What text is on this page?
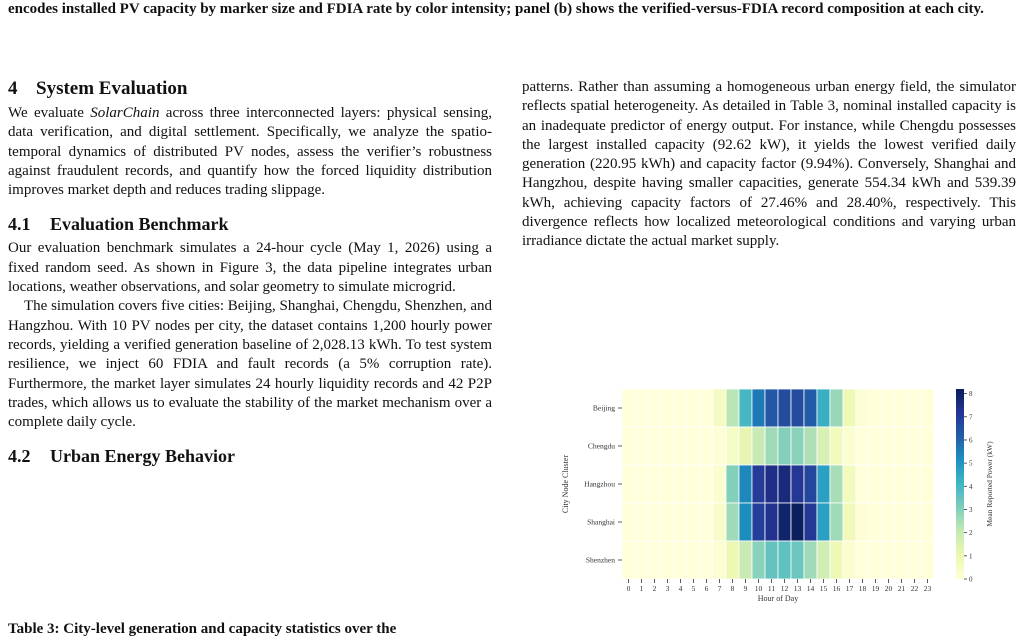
encodes installed PV capacity by marker size and FDIA rate by color intensity; panel (b) shows the verified-versus-FDIA record composition at each city.
4 System Evaluation

We evaluate SolarChain across three interconnected layers: physical sensing, data verification, and digital settlement. Specifically, we analyze the spatio-temporal dynamics of distributed PV nodes, assess the verifier’s robustness against fraudulent records, and quantify how the forced liquidity distribution improves market depth and reduces trading slippage.

4.1 Evaluation Benchmark

Our evaluation benchmark simulates a 24-hour cycle (May 1, 2026) using a fixed random seed. As shown in Figure 3, the data pipeline integrates urban locations, weather observations, and solar geometry to simulate microgrid.

The simulation covers five cities: Beijing, Shanghai, Chengdu, Shenzhen, and Hangzhou. With 10 PV nodes per city, the dataset contains 1,200 hourly power records, yielding a verified generation baseline of 2,028.13 kWh. To test system resilience, we inject 60 FDIA and fault records (a 5% corruption rate). Furthermore, the market layer simulates 24 hourly liquidity records and 42 P2P trades, which allows us to evaluate the stability of the market mechanism over a complete daily cycle.

4.2 Urban Energy Behavior
Table 3: City-level generation and capacity statistics over the

patterns. Rather than assuming a homogeneous urban energy field, the simulator reflects spatial heterogeneity. As detailed in Table 3, nominal installed capacity is an inadequate predictor of energy output. For instance, while Chengdu possesses the largest installed capacity (92.62 kW), it yields the lowest verified daily generation (220.95 kWh) and capacity factor (9.94%). Conversely, Shanghai and Hangzhou, despite having smaller capacities, generate 554.34 kWh and 539.39 kWh, achieving capacity factors of 27.46% and 28.40%, respectively. This divergence reflects how localized meteorological conditions and varying urban irradiance dictate the actual market supply.

Beijing
Chengdu
Hangzhou
Shanghai
Shenzhen
0 1 2 3 4 5 6 7 8 9 10 11 12 13 14 15 16 17 18 19 20 21 22 23
Hour of Day
City Node Cluster
0
1
2
3
4
5
6
7
8
Mean Reported Power (kW)
